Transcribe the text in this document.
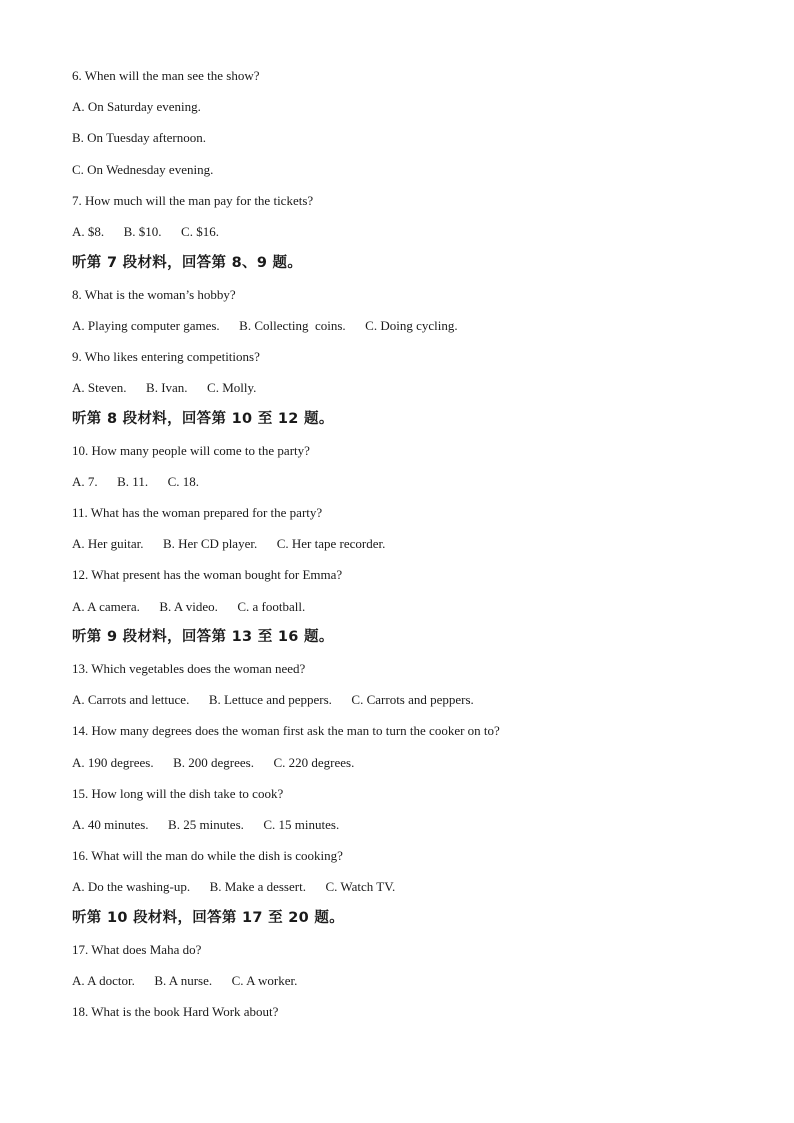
6. When will the man see the show?
A. On Saturday evening.
B. On Tuesday afternoon.
C. On Wednesday evening.
7. How much will the man pay for the tickets?
A. $8.      B. $10.      C. $16.
听第 7 段材料，回答第 8、9 题。
8. What is the woman’s hobby?
A. Playing computer games.      B. Collecting  coins.      C. Doing cycling.
9. Who likes entering competitions?
A. Steven.      B. Ivan.      C. Molly.
听第 8 段材料，回答第 10 至 12 题。
10. How many people will come to the party?
A. 7.      B. 11.      C. 18.
11. What has the woman prepared for the party?
A. Her guitar.      B. Her CD player.      C. Her tape recorder.
12. What present has the woman bought for Emma?
A. A camera.      B. A video.      C. a football.
听第 9 段材料，回答第 13 至 16 题。
13. Which vegetables does the woman need?
A. Carrots and lettuce.      B. Lettuce and peppers.      C. Carrots and peppers.
14. How many degrees does the woman first ask the man to turn the cooker on to?
A. 190 degrees.      B. 200 degrees.      C. 220 degrees.
15. How long will the dish take to cook?
A. 40 minutes.      B. 25 minutes.      C. 15 minutes.
16. What will the man do while the dish is cooking?
A. Do the washing-up.      B. Make a dessert.      C. Watch TV.
听第 10 段材料，回答第 17 至 20 题。
17. What does Maha do?
A. A doctor.      B. A nurse.      C. A worker.
18. What is the book Hard Work about?
